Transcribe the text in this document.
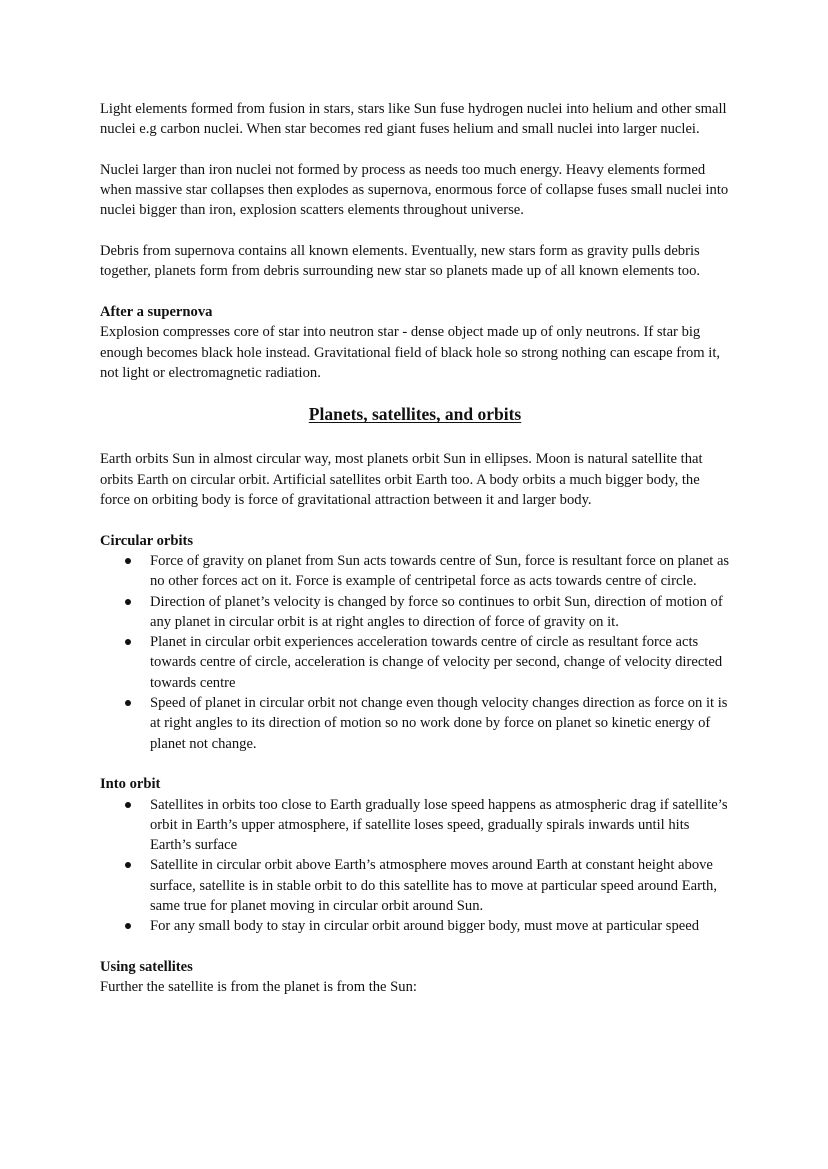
Light elements formed from fusion in stars, stars like Sun fuse hydrogen nuclei into helium and other small nuclei e.g carbon nuclei. When star becomes red giant fuses helium and small nuclei into larger nuclei.

Nuclei larger than iron nuclei not formed by process as needs too much energy. Heavy elements formed when massive star collapses then explodes as supernova, enormous force of collapse fuses small nuclei into nuclei bigger than iron, explosion scatters elements throughout universe.

Debris from supernova contains all known elements. Eventually, new stars form as gravity pulls debris together, planets form from debris surrounding new star so planets made up of all known elements too.

After a supernova

Explosion compresses core of star into neutron star - dense object made up of only neutrons. If star big enough becomes black hole instead. Gravitational field of black hole so strong nothing can escape from it, not light or electromagnetic radiation.

Planets, satellites, and orbits

Earth orbits Sun in almost circular way, most planets orbit Sun in ellipses. Moon is natural satellite that orbits Earth on circular orbit. Artificial satellites orbit Earth too. A body orbits a much bigger body, the force on orbiting body is force of gravitational attraction between it and larger body.

Circular orbits

Force of gravity on planet from Sun acts towards centre of Sun, force is resultant force on planet as no other forces act on it. Force is example of centripetal force as acts towards centre of circle.
Direction of planet’s velocity is changed by force so continues to orbit Sun, direction of motion of any planet in circular orbit is at right angles to direction of force of gravity on it.
Planet in circular orbit experiences acceleration towards centre of circle as resultant force acts towards centre of circle, acceleration is change of velocity per second, change of velocity directed towards centre
Speed of planet in circular orbit not change even though velocity changes direction as force on it is at right angles to its direction of motion so no work done by force on planet so kinetic energy of planet not change.

Into orbit

Satellites in orbits too close to Earth gradually lose speed happens as atmospheric drag if satellite’s orbit in Earth’s upper atmosphere, if satellite loses speed, gradually spirals inwards until hits Earth’s surface
Satellite in circular orbit above Earth’s atmosphere moves around Earth at constant height above surface, satellite is in stable orbit to do this satellite has to move at particular speed around Earth, same true for planet moving in circular orbit around Sun.
For any small body to stay in circular orbit around bigger body, must move at particular speed

Using satellites

Further the satellite is from the planet is from the Sun:
